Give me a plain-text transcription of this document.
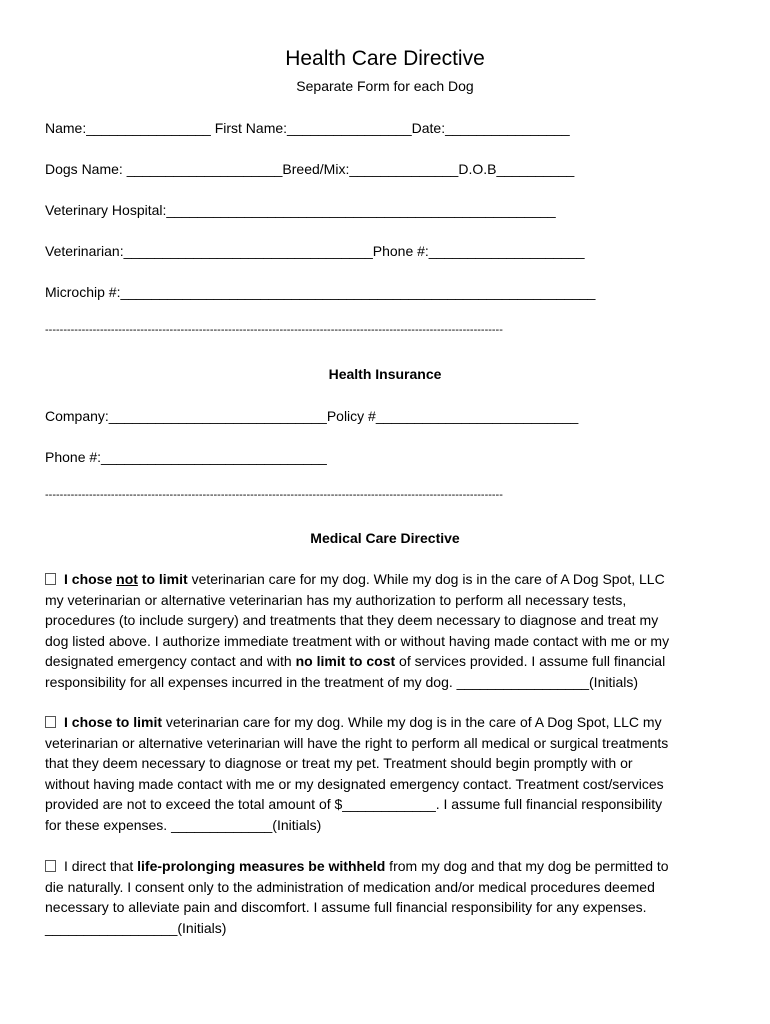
Health Care Directive
Separate Form for each Dog
Name:________________ First Name:________________Date:________________
Dogs Name: ____________________Breed/Mix:______________D.O.B__________
Veterinary Hospital:__________________________________________________
Veterinarian:________________________________Phone #:____________________
Microchip #:_____________________________________________________________
-----------------------------------------------------------------------------------------------------------------------------
Health Insurance
Company:____________________________Policy #__________________________
Phone #:_____________________________
-----------------------------------------------------------------------------------------------------------------------------
Medical Care Directive
I chose not to limit veterinarian care for my dog. While my dog is in the care of A Dog Spot, LLC
my veterinarian or alternative veterinarian has my authorization to perform all necessary tests,
procedures (to include surgery) and treatments that they deem necessary to diagnose and treat my
dog listed above. I authorize immediate treatment with or without having made contact with me or my
designated emergency contact and with no limit to cost of services provided. I assume full financial
responsibility for all expenses incurred in the treatment of my dog. _________________(Initials)
I chose to limit veterinarian care for my dog. While my dog is in the care of A Dog Spot, LLC my
veterinarian or alternative veterinarian will have the right to perform all medical or surgical treatments
that they deem necessary to diagnose or treat my pet. Treatment should begin promptly with or
without having made contact with me or my designated emergency contact. Treatment cost/services
provided are not to exceed the total amount of $____________. I assume full financial responsibility
for these expenses. _____________(Initials)
I direct that life-prolonging measures be withheld from my dog and that my dog be permitted to
die naturally. I consent only to the administration of medication and/or medical procedures deemed
necessary to alleviate pain and discomfort. I assume full financial responsibility for any expenses.
_________________(Initials)
